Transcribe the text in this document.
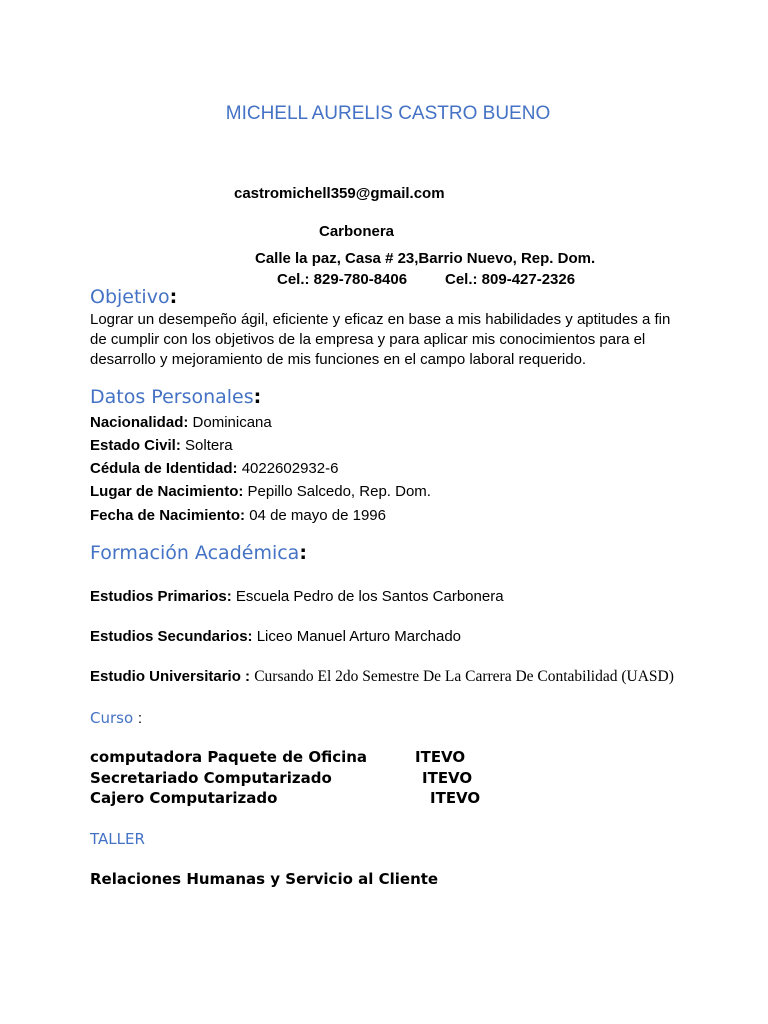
MICHELL AURELIS CASTRO BUENO
castromichell359@gmail.com
Carbonera
Calle la paz, Casa # 23,Barrio Nuevo, Rep. Dom.
Cel.: 829-780-8406	Cel.: 809-427-2326
Objetivo:
Lograr un desempeño ágil, eficiente y eficaz en base a mis habilidades y aptitudes a fin
de cumplir con los objetivos de la empresa y para aplicar mis conocimientos para el
desarrollo y mejoramiento de mis funciones en el campo laboral requerido.
Datos Personales:
Nacionalidad: Dominicana
Estado Civil: Soltera
Cédula de Identidad: 4022602932-6
Lugar de Nacimiento: Pepillo Salcedo, Rep. Dom.
Fecha de Nacimiento: 04 de mayo de 1996
Formación Académica:
Estudios Primarios: Escuela Pedro de los Santos Carbonera
Estudios Secundarios: Liceo Manuel Arturo Marchado
Estudio Universitario : Cursando El 2do Semestre De La Carrera De Contabilidad (UASD)
Curso :
computadora Paquete de Oficina	ITEVO
Secretariado Computarizado	ITEVO
Cajero Computarizado	ITEVO
TALLER
Relaciones Humanas y Servicio al Cliente
